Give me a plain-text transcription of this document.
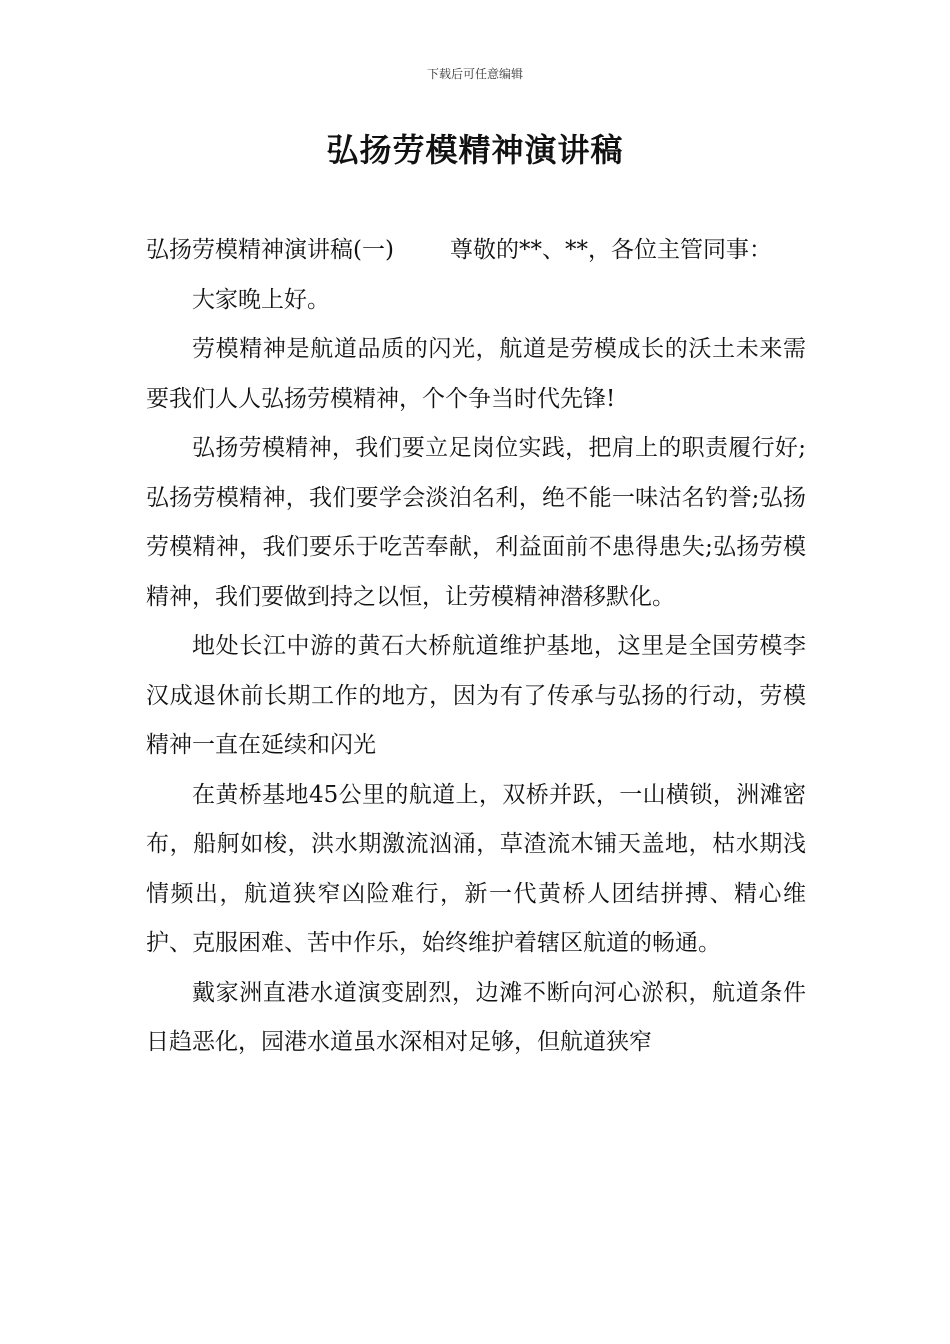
下载后可任意编辑
弘扬劳模精神演讲稿

弘扬劳模精神演讲稿(一) 尊敬的**、**，各位主管同事：

大家晚上好。

劳模精神是航道品质的闪光，航道是劳模成长的沃土未来需要我们人人弘扬劳模精神，个个争当时代先锋!

弘扬劳模精神，我们要立足岗位实践，把肩上的职责履行好;弘扬劳模精神，我们要学会淡泊名利，绝不能一味沽名钓誉;弘扬劳模精神，我们要乐于吃苦奉献，利益面前不患得患失;弘扬劳模精神，我们要做到持之以恒，让劳模精神潜移默化。

地处长江中游的黄石大桥航道维护基地，这里是全国劳模李汉成退休前长期工作的地方，因为有了传承与弘扬的行动，劳模精神一直在延续和闪光

在黄桥基地45公里的航道上，双桥并跃，一山横锁，洲滩密布，船舸如梭，洪水期激流汹涌，草渣流木铺天盖地，枯水期浅情频出，航道狭窄凶险难行，新一代黄桥人团结拼搏、精心维护、克服困难、苦中作乐，始终维护着辖区航道的畅通。

戴家洲直港水道演变剧烈，边滩不断向河心淤积，航道条件日趋恶化，园港水道虽水深相对足够，但航道狭窄
